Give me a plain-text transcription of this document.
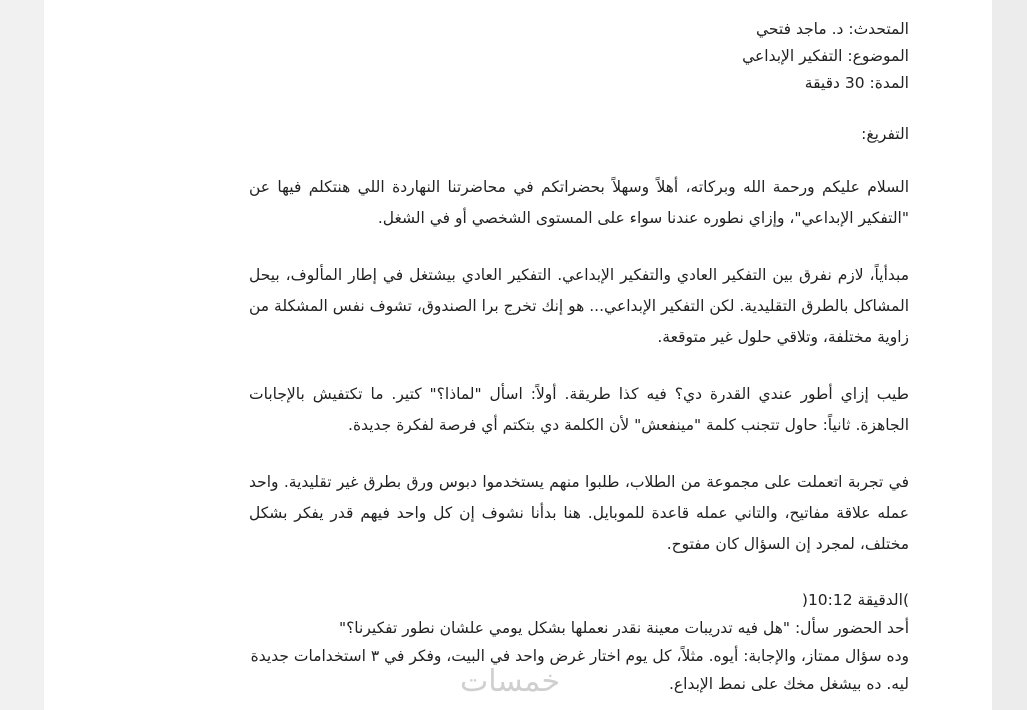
المتحدث: د. ماجد فتحي
الموضوع: التفكير الإبداعي
المدة: 30 دقيقة
التفريغ:

السلام عليكم ورحمة الله وبركاته، أهلاً وسهلاً بحضراتكم في محاضرتنا النهاردة اللي هنتكلم فيها عن "التفكير الإبداعي"، وإزاي نطوره عندنا سواء على المستوى الشخصي أو في الشغل.

مبدأياً، لازم نفرق بين التفكير العادي والتفكير الإبداعي. التفكير العادي بيشتغل في إطار المألوف، بيحل المشاكل بالطرق التقليدية. لكن التفكير الإبداعي... هو إنك تخرج برا الصندوق، تشوف نفس المشكلة من زاوية مختلفة، وتلاقي حلول غير متوقعة.

طيب إزاي أطور عندي القدرة دي؟ فيه كذا طريقة. أولاً: اسأل "لماذا؟" كتير. ما تكتفيش بالإجابات الجاهزة. ثانياً: حاول تتجنب كلمة "مينفعش" لأن الكلمة دي بتكتم أي فرصة لفكرة جديدة.

في تجربة اتعملت على مجموعة من الطلاب، طلبوا منهم يستخدموا دبوس ورق بطرق غير تقليدية. واحد عمله علاقة مفاتيح، والتاني عمله قاعدة للموبايل. هنا بدأنا نشوف إن كل واحد فيهم قدر يفكر بشكل مختلف، لمجرد إن السؤال كان مفتوح.

)الدقيقة 10:12(

أحد الحضور سأل: "هل فيه تدريبات معينة نقدر نعملها بشكل يومي علشان نطور تفكيرنا؟"

وده سؤال ممتاز، والإجابة: أيوه. مثلاً، كل يوم اختار غرض واحد في البيت، وفكر في ٣ استخدامات جديدة ليه. ده بيشغل مخك على نمط الإبداع.

خمسات
